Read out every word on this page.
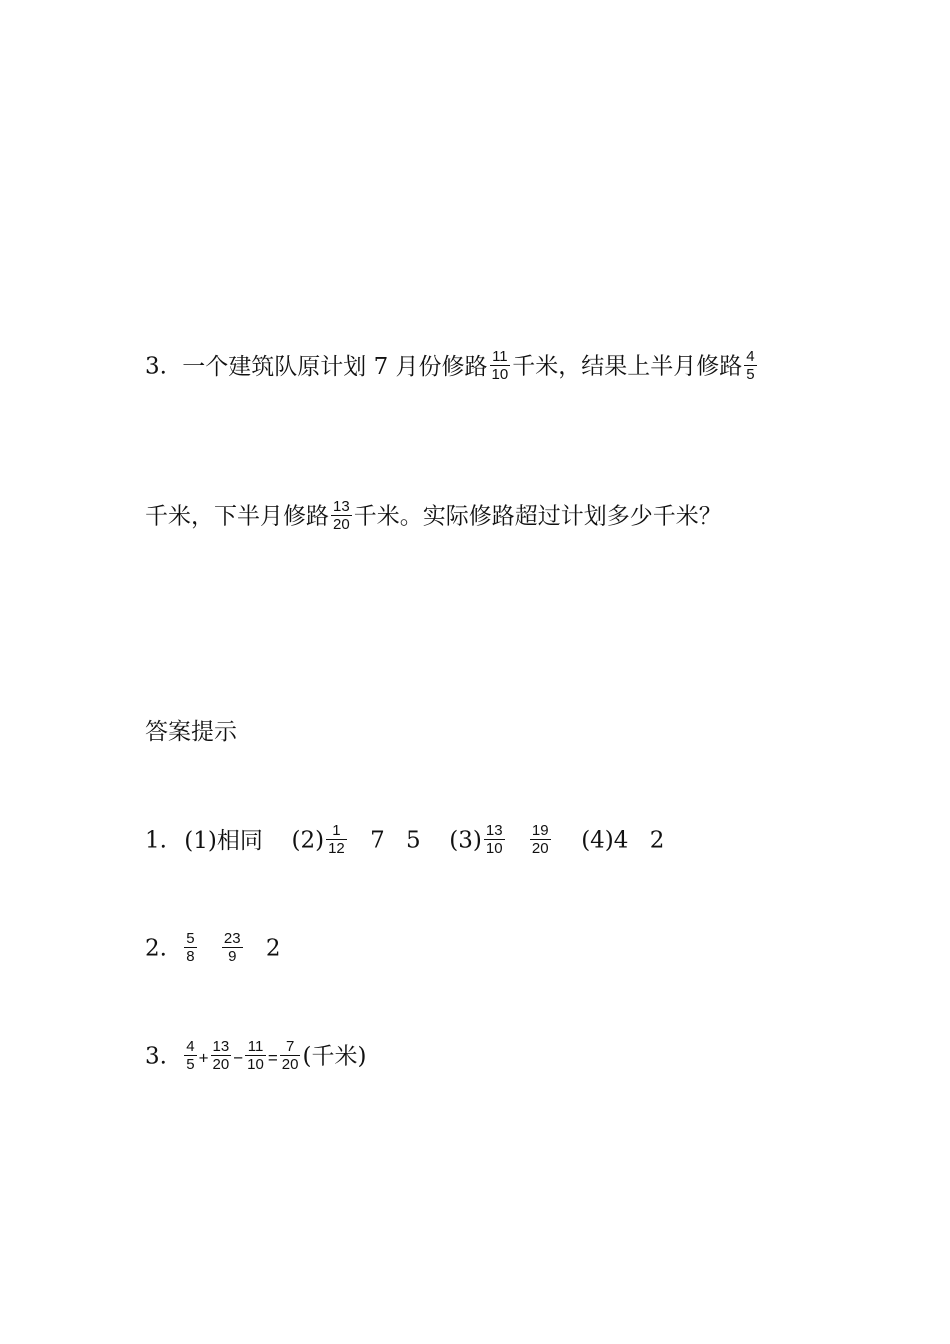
3. 一个建筑队原计划 7 月份修路 $\frac{11}{10}$ 千米，结果上半月修路 $\frac{4}{5}$
千米，下半月修路 $\frac{13}{20}$ 千米。实际修路超过计划多少千米？
答案提示
1. (1)相同 $(2) \frac{1}{12} 7$ 5 $(3) \frac{13}{10}$
$\frac{19}{20} (4)4$ 2
2. $\frac{5}{8}$
$\frac{23}{9} 2$
3. $\frac{4}{5} + \frac{13}{20} - \frac{11}{10} = \frac{7}{20}$ (千米)
